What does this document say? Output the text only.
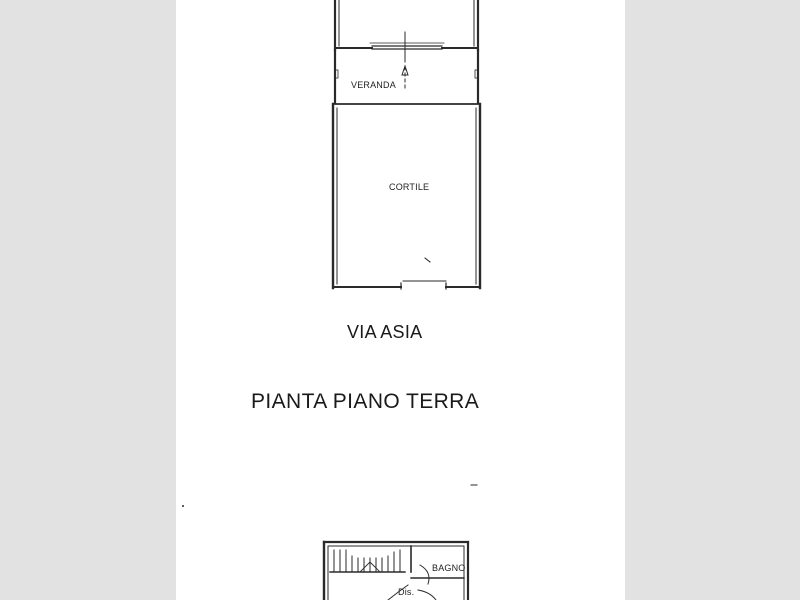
VERANDA
CORTILE
VIA ASIA
PIANTA PIANO TERRA
BAGNO
Dis.
